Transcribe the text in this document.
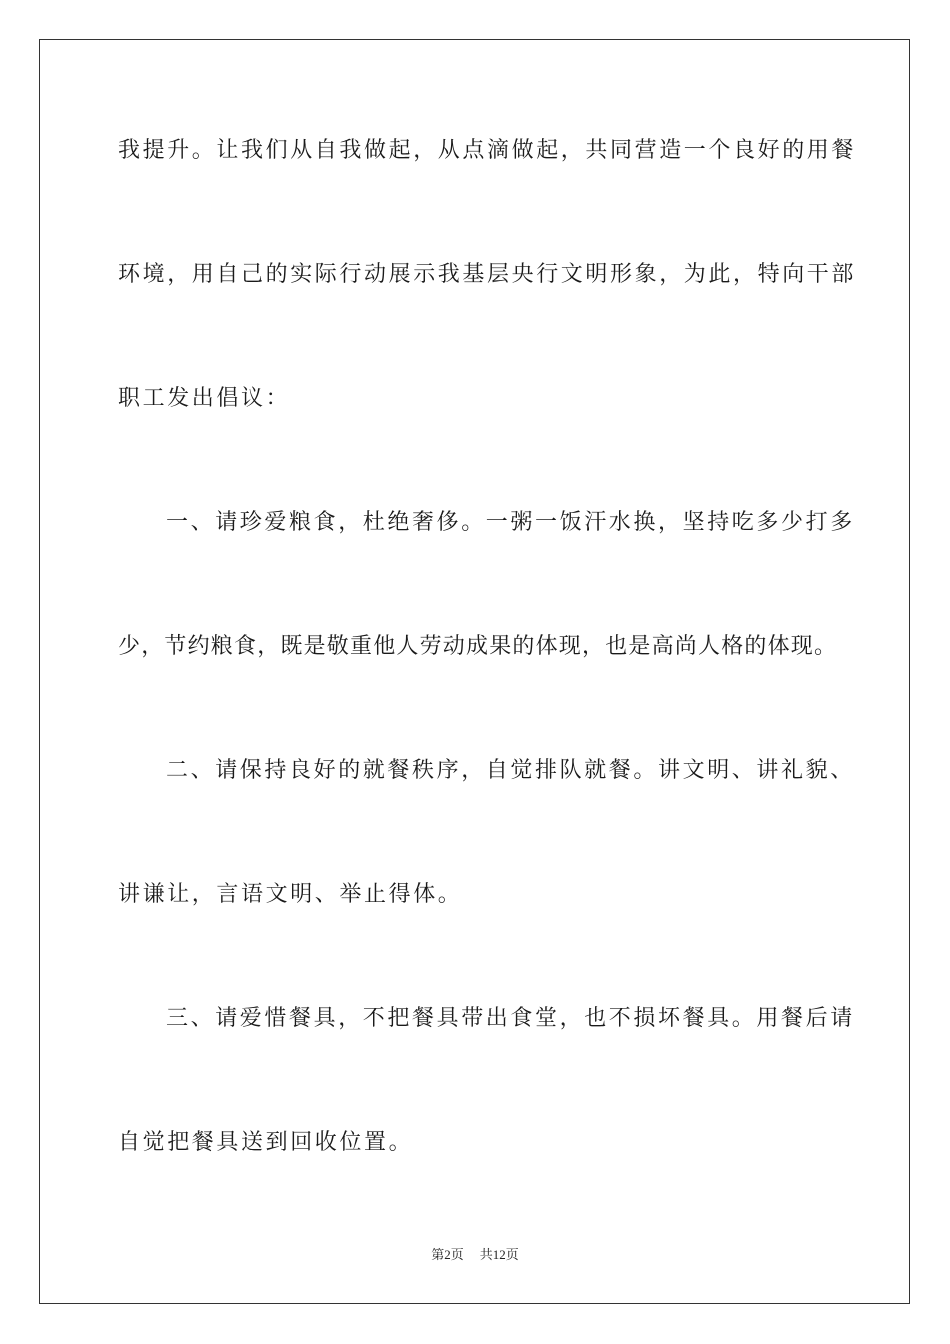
我提升。让我们从自我做起，从点滴做起，共同营造一个良好的用餐
环境，用自己的实际行动展示我基层央行文明形象，为此，特向干部
职工发出倡议：
一、请珍爱粮食，杜绝奢侈。一粥一饭汗水换，坚持吃多少打多
少，节约粮食，既是敬重他人劳动成果的体现，也是高尚人格的体现。
二、请保持良好的就餐秩序，自觉排队就餐。讲文明、讲礼貌、
讲谦让，言语文明、举止得体。
三、请爱惜餐具，不把餐具带出食堂，也不损坏餐具。用餐后请
自觉把餐具送到回收位置。
第2页 共12页
